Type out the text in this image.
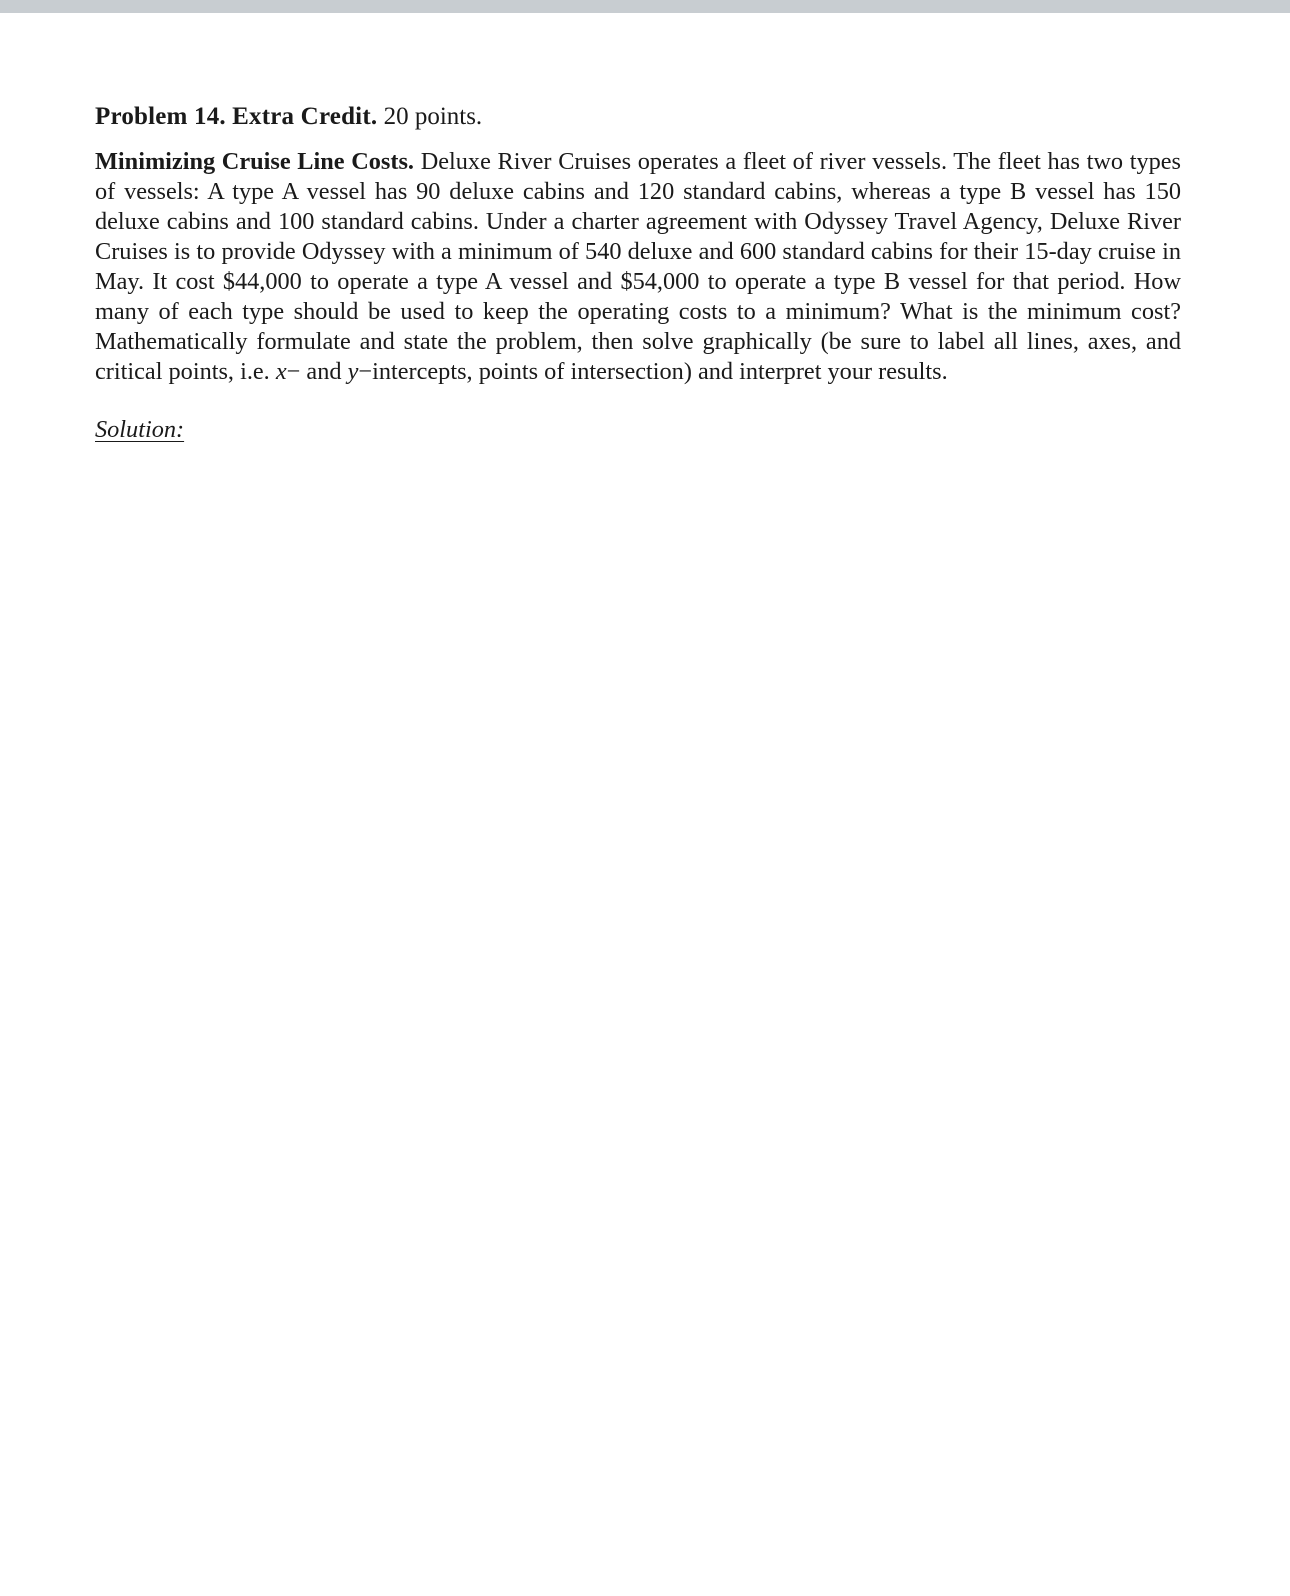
Problem 14. Extra Credit. 20 points.

Minimizing Cruise Line Costs. Deluxe River Cruises operates a fleet of river vessels. The fleet has two types of vessels: A type A vessel has 90 deluxe cabins and 120 standard cabins, whereas a type B vessel has 150 deluxe cabins and 100 standard cabins. Under a charter agreement with Odyssey Travel Agency, Deluxe River Cruises is to provide Odyssey with a minimum of 540 deluxe and 600 standard cabins for their 15-day cruise in May. It cost $44,000 to operate a type A vessel and $54,000 to operate a type B vessel for that period. How many of each type should be used to keep the operating costs to a minimum? What is the minimum cost? Mathematically formulate and state the problem, then solve graphically (be sure to label all lines, axes, and critical points, i.e. x− and y−intercepts, points of intersection) and interpret your results.

Solution:
